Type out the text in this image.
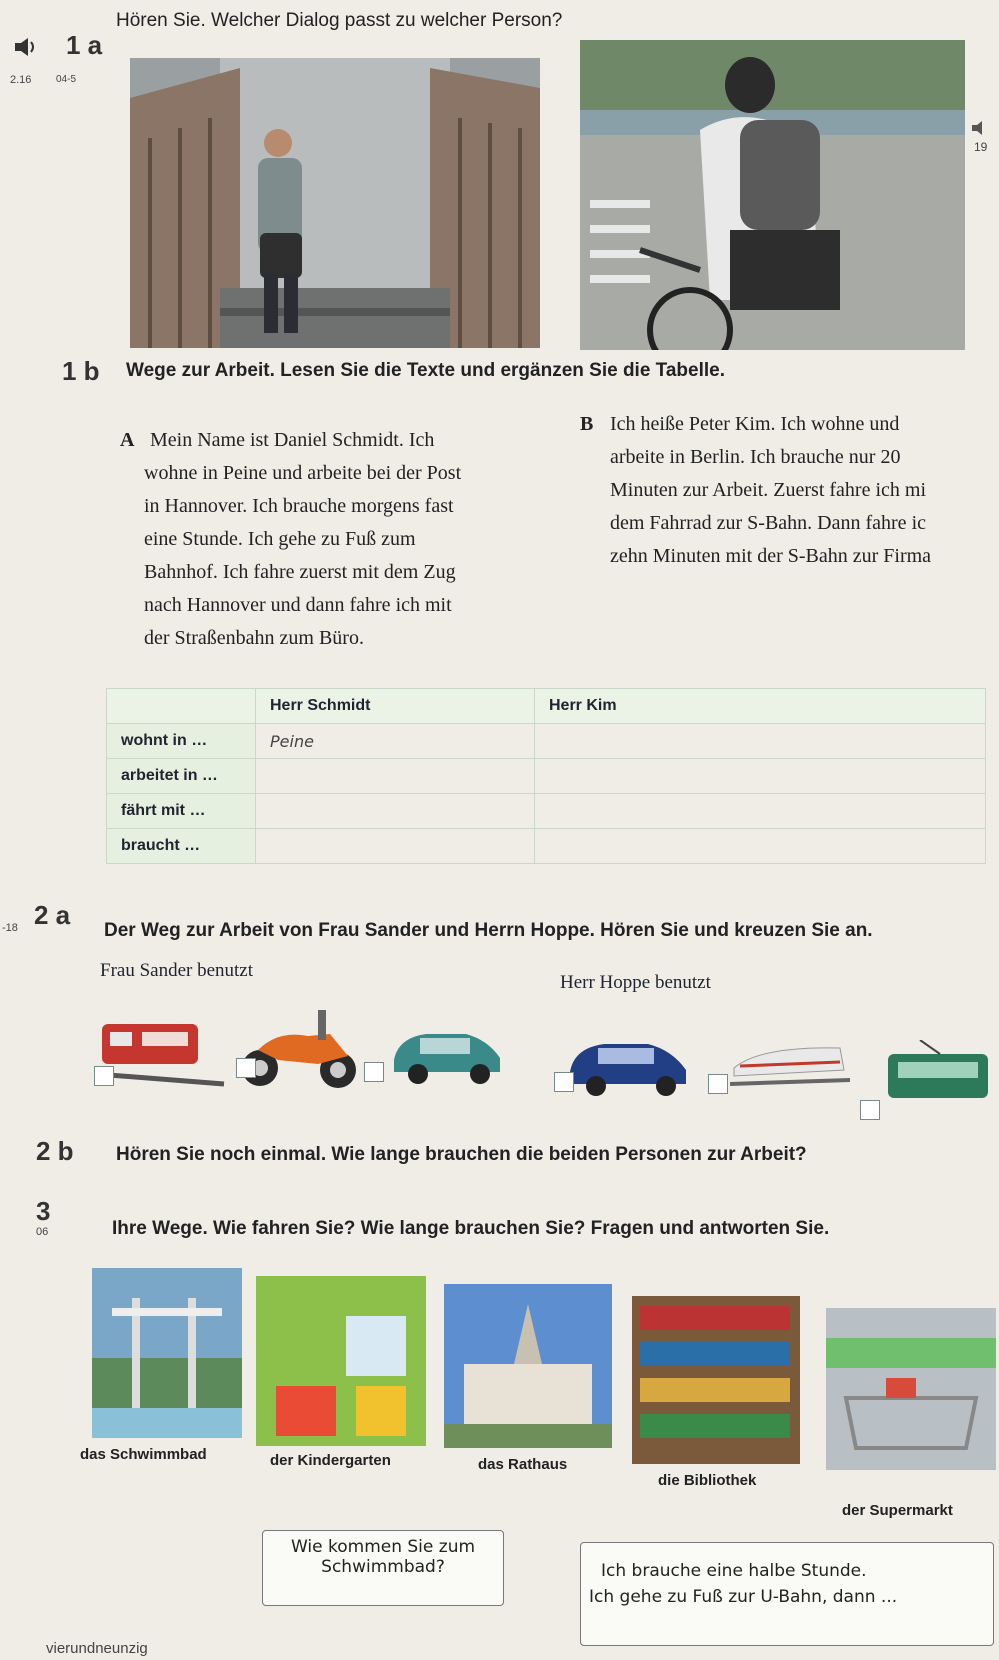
1 a
Hören Sie. Welcher Dialog passt zu welcher Person?
2.16 04-5
19
1 b Wege zur Arbeit. Lesen Sie die Texte und ergänzen Sie die Tabelle.
A Mein Name ist Daniel Schmidt. Ich
wohne in Peine und arbeite bei der Post
in Hannover. Ich brauche morgens fast
eine Stunde. Ich gehe zu Fuß zum
Bahnhof. Ich fahre zuerst mit dem Zug
nach Hannover und dann fahre ich mit
der Straßenbahn zum Büro.
B Ich heiße Peter Kim. Ich wohne und
arbeite in Berlin. Ich brauche nur 20
Minuten zur Arbeit. Zuerst fahre ich mi
dem Fahrrad zur S-Bahn. Dann fahre ic
zehn Minuten mit der S-Bahn zur Firma
	Herr Schmidt	Herr Kim
wohnt in …	Peine	
arbeitet in …		
fährt mit …		
braucht …		
2 a
-18	Der Weg zur Arbeit von Frau Sander und Herrn Hoppe. Hören Sie und kreuzen Sie an.
Frau Sander benutzt
Herr Hoppe benutzt
2 b Hören Sie noch einmal. Wie lange brauchen die beiden Personen zur Arbeit?
3
06	Ihre Wege. Wie fahren Sie? Wie lange brauchen Sie? Fragen und antworten Sie.
das Schwimmbad	der Kindergarten	das Rathaus
die Bibliothek
der Supermarkt
Wie kommen Sie zum
Schwimmbad?	Ich brauche eine halbe Stunde.
Ich gehe zu Fuß zur U-Bahn, dann ...
vierundneunzig
